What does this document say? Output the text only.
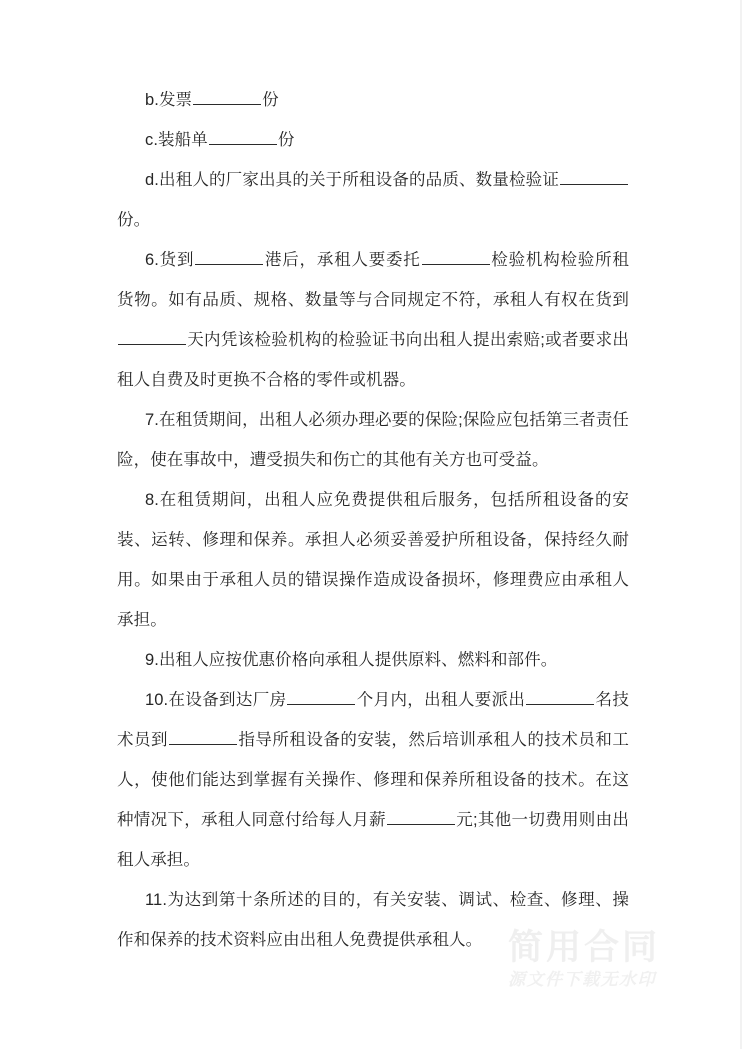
b.发票	份

c.装船单	份

d.出租人的厂家出具的关于所租设备的品质、数量检验证份。

6.货到	港后，承租人要委托	检验机构检验所租货物。如有品质、规格、数量等与合同规定不符，承租人有权在货到天内凭该检验机构的检验证书向出租人提出索赔;或者要求出租人自费及时更换不合格的零件或机器。

7.在租赁期间，出租人必须办理必要的保险;保险应包括第三者责任险，使在事故中，遭受损失和伤亡的其他有关方也可受益。

8.在租赁期间，出租人应免费提供租后服务，包括所租设备的安装、运转、修理和保养。承担人必须妥善爱护所租设备，保持经久耐用。如果由于承租人员的错误操作造成设备损坏，修理费应由承租人承担。

9.出租人应按优惠价格向承租人提供原料、燃料和部件。

10.在设备到达厂房	个月内，出租人要派出	名技术员到	指导所租设备的安装，然后培训承租人的技术员和工人，使他们能达到掌握有关操作、修理和保养所租设备的技术。在这种情况下，承租人同意付给每人月薪	元;其他一切费用则由出租人承担。

11.为达到第十条所述的目的，有关安装、调试、检查、修理、操作和保养的技术资料应由出租人免费提供承租人。 简用合同
源文件下载无水印
